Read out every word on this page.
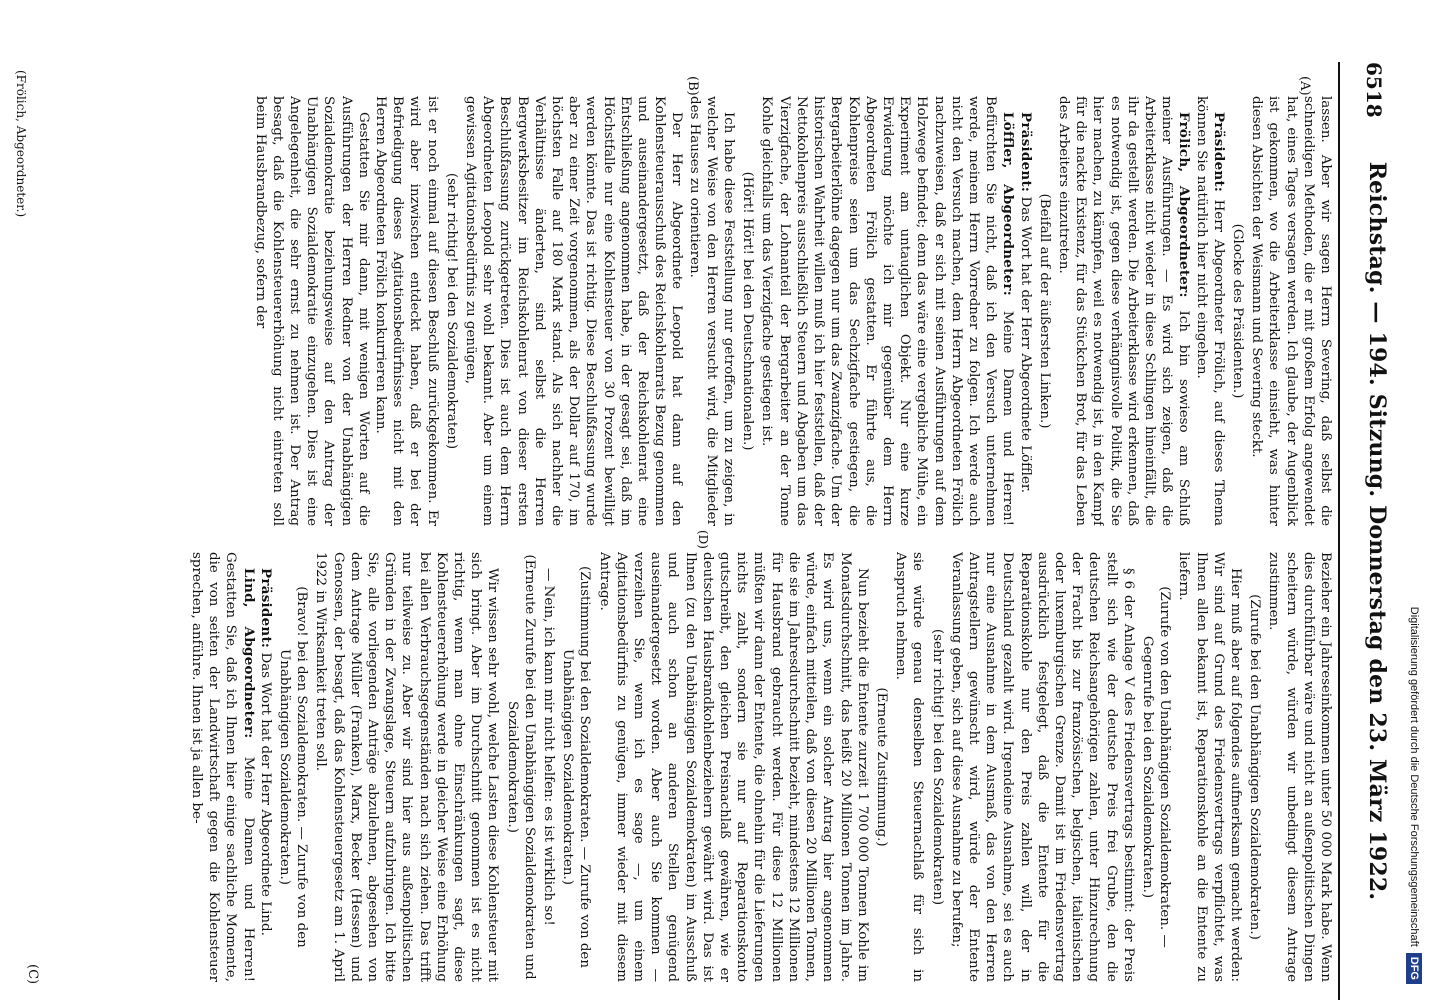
6518
Reichstag. — 194. Sitzung. Donnerstag den 23. März 1922.
(A)
(B)
(D)
(C)

lassen. Aber wir sagen Herrn Severing, daß selbst die schneidigen Methoden, die er mit großem Erfolg angewendet hat, eines Tages versagen werden. Ich glaube, der Augenblick ist gekommen, wo die Arbeiterklasse einsieht, was hinter diesen Absichten der Weismann und Severing steckt.

(Glocke des Präsidenten.)

Präsident: Herr Abgeordneter Frölich, auf dieses Thema können Sie natürlich hier nicht eingehen.

Frölich, Abgeordneter: Ich bin sowieso am Schluß meiner Ausführungen. — Es wird sich zeigen, daß die Arbeiterklasse nicht wieder in diese Schlingen hineinfällt, die ihr da gestellt werden. Die Arbeiterklasse wird erkennen, daß es notwendig ist, gegen diese verhängnisvolle Politik, die Sie hier machen, zu kämpfen, weil es notwendig ist, in den Kampf für die nackte Existenz, für das Stückchen Brot, für das Leben des Arbeiters einzutreten.

(Beifall auf der äußersten Linken.)

Präsident: Das Wort hat der Herr Abgeordnete Löffler.

Löffler, Abgeordneter: Meine Damen und Herren! Befürchten Sie nicht, daß ich den Versuch unternehmen werde, meinem Herrn Vorredner zu folgen. Ich werde auch nicht den Versuch machen, dem Herrn Abgeordneten Frölich nachzuweisen, daß er sich mit seinen Ausführungen auf dem Holzwege befindet; denn das wäre eine vergebliche Mühe, ein Experiment am untauglichen Objekt. Nur eine kurze Erwiderung möchte ich mir gegenüber dem Herrn Abgeordneten Frölich gestatten. Er führte aus, die Kohlenpreise seien um das Sechzigfache gestiegen, die Bergarbeiterlöhne dagegen nur um das Zwanzigfache. Um der historischen Wahrheit willen muß ich hier feststellen, daß der Nettokohlenpreis ausschließlich Steuern und Abgaben um das Vierzigfache, der Lohnanteil der Bergarbeiter an der Tonne Kohle gleichfalls um das Vierzigfache gestiegen ist.

(Hört! Hört! bei den Deutschnationalen.)

Ich habe diese Feststellung nur getroffen, um zu zeigen, in welcher Weise von den Herren versucht wird, die Mitglieder des Hauses zu orientieren.

Der Herr Abgeordnete Leopold hat dann auf den Kohlensteuerausschuß des Reichskohlenrats Bezug genommen und auseinandergesetzt, daß der Reichskohlenrat eine Entschließung angenommen habe, in der gesagt sei, daß im Höchstfalle nur eine Kohlensteuer von 30 Prozent bewilligt werden könnte. Das ist richtig. Diese Beschlußfassung wurde aber zu einer Zeit vorgenommen, als der Dollar auf 170, im höchsten Falle auf 180 Mark stand. Als sich nachher die Verhältnisse änderten, sind selbst die Herren Bergwerksbesitzer im Reichskohlenrat von dieser ersten Beschlußfassung zurückgetreten. Dies ist auch dem Herrn Abgeordneten Leopold sehr wohl bekannt. Aber um einem gewissen Agitationsbedürfnis zu genügen,

(sehr richtig! bei den Sozialdemokraten)

ist er noch einmal auf diesen Beschluß zurückgekommen. Er wird aber inzwischen entdeckt haben, daß er bei der Befriedigung dieses Agitationsbedürfnisses nicht mit den Herren Abgeordneten Frölich konkurrieren kann.

Gestatten Sie mir dann, mit wenigen Worten auf die Ausführungen der Herren Redner von der Unabhängigen Sozialdemokratie beziehungsweise auf den Antrag der Unabhängigen Sozialdemokratie einzugehen. Dies ist eine Angelegenheit, die sehr ernst zu nehmen ist. Der Antrag besagt, daß die Kohlensteuererhöhung nicht eintreten soll beim Hausbrandbezug, sofern der

Bezieher ein Jahreseinkommen unter 50 000 Mark habe. Wenn dies durchführbar wäre und nicht an außenpolitischen Dingen scheitern würde, würden wir unbedingt diesem Antrage zustimmen.

(Zurufe bei den Unabhängigen Sozialdemokraten.)

Hier muß aber auf folgendes aufmerksam gemacht werden: Wir sind auf Grund des Friedensvertrags verpflichtet, was Ihnen allen bekannt ist, Reparationskohle an die Entente zu liefern.

(Zurufe von den Unabhängigen Sozialdemokraten. — Gegenrufe bei den Sozialdemokraten.)

§ 6 der Anlage V des Friedensvertrags bestimmt: der Preis stellt sich wie der deutsche Preis frei Grube, den die deutschen Reichsangehörigen zahlen, unter Hinzurechnung der Fracht bis zur französischen, belgischen, italienischen oder luxemburgischen Grenze. Damit ist im Friedensvertrag ausdrücklich festgelegt, daß die Entente für die Reparationskohle nur den Preis zahlen will, der in Deutschland gezahlt wird. Irgendeine Ausnahme, sei es auch nur eine Ausnahme in dem Ausmaß, das von den Herren Antragstellern gewünscht wird, würde der Entente Veranlassung geben, sich auf diese Ausnahme zu berufen;

(sehr richtig! bei den Sozialdemokraten)

sie würde genau denselben Steuernachlaß für sich in Anspruch nehmen.

(Erneute Zustimmung.)

Nun bezieht die Entente zurzeit 1 700 000 Tonnen Kohle im Monatsdurchschnitt, das heißt 20 Millionen Tonnen im Jahre. Es wird uns, wenn ein solcher Antrag hier angenommen würde, einfach mitteilen, daß von diesen 20 Millionen Tonnen, die sie im Jahresdurchschnitt bezieht, mindestens 12 Millionen für Hausbrand gebraucht werden. Für diese 12 Millionen müßten wir dann der Entente, die ohnehin für die Lieferungen nichts zahlt, sondern sie nur auf Reparationskonto gutschreibt, den gleichen Preisnachlaß gewähren, wie er deutschen Hausbrandkohlenbeziehern gewährt wird. Das ist Ihnen (zu den Unabhängigen Sozialdemokraten) im Ausschuß und auch schon an anderen Stellen genügend auseinandergesetzt worden. Aber auch Sie kommen — verzeihen Sie, wenn ich es sage —, um einem Agitationsbedürfnis zu genügen, immer wieder mit diesem Antrage.

(Zustimmung bei den Sozialdemokraten. — Zurufe von den Unabhängigen Sozialdemokraten.)

— Nein, ich kann mir nicht helfen: es ist wirklich so!

(Erneute Zurufe bei den Unabhängigen Sozialdemokraten und Sozialdemokraten.)

Wir wissen sehr wohl, welche Lasten diese Kohlensteuer mit sich bringt. Aber im Durchschnitt genommen ist es nicht richtig, wenn man ohne Einschränkungen sagt, diese Kohlensteuererhöhung werde in gleicher Weise eine Erhöhung bei allen Verbrauchsgegenständen nach sich ziehen. Das trifft nur teilweise zu. Aber wir sind hier aus außenpolitischen Gründen in der Zwangslage, Steuern aufzubringen. Ich bitte Sie, alle vorliegenden Anträge abzulehnen, abgesehen von dem Antrage Müller (Franken), Marx, Becker (Hessen) und Genossen, der besagt, daß das Kohlensteuergesetz am 1. April 1922 in Wirksamkeit treten soll.

(Bravo! bei den Sozialdemokraten. — Zurufe von den Unabhängigen Sozialdemokraten.)

Präsident: Das Wort hat der Herr Abgeordnete Lind.

Lind, Abgeordneter: Meine Damen und Herren! Gestatten Sie, daß ich Ihnen hier einige sachliche Momente, die von seiten der Landwirtschaft gegen die Kohlensteuer sprechen, anführe. Ihnen ist ja allen be-

(Frölich, Abgeordneter.)
Digitalisierung gefördert durch die Deutsche Forschungsgemeinschaft
DFG
